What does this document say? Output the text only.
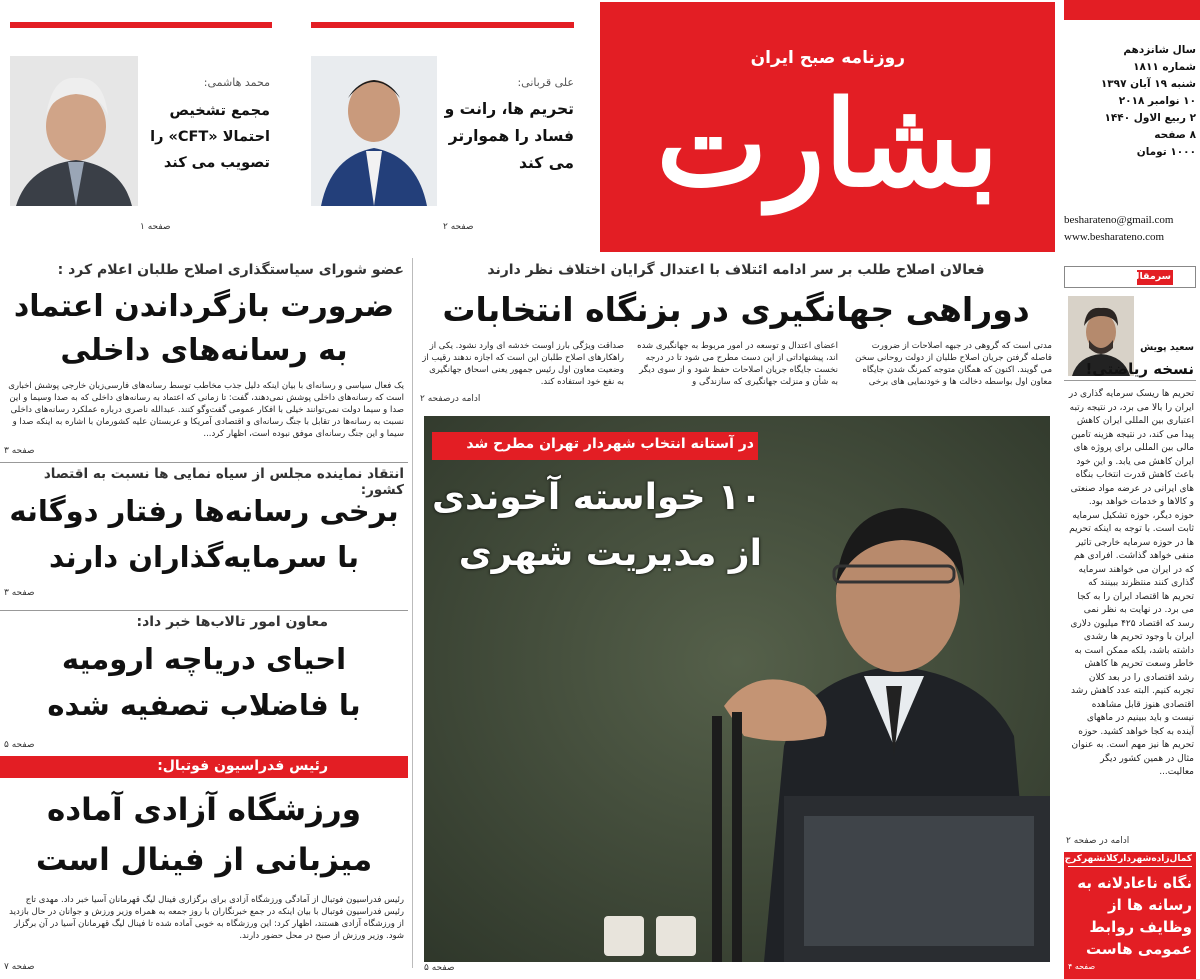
سال شانزدهم
شماره ۱۸۱۱
شنبه ۱۹ آبان ۱۳۹۷
۱۰ نوامبر ۲۰۱۸
۲ ربیع الاول ۱۴۴۰
۸ صفحه
۱۰۰۰ تومان
besharateno@gmail.com
www.besharateno.com
روزنامه صبح ایران
بشارت نو
علی قربانی:
تحریم ها، رانت و فساد را هموارتر می کند
صفحه ۲
محمد هاشمی:
مجمع تشخیص احتمالا «CFT» را تصویب می کند
صفحه ۱
سرمقاله
سعید پویش
نسخه ریاضتی!
تحریم ها ریسک سرمایه گذاری در ایران را بالا می برد، در نتیجه رتبه اعتباری بین المللی ایران کاهش پیدا می کند، در نتیجه هزینه تامین مالی بین المللی برای پروژه های ایران کاهش می یابد. و این خود باعث کاهش قدرت انتخاب بنگاه های ایرانی در عرضه مواد صنعتی و کالاها و خدمات خواهد بود. حوزه دیگر، حوزه تشکیل سرمایه ثابت است. با توجه به اینکه تحریم ها در حوزه سرمایه خارجی تاثیر منفی خواهد گذاشت. افرادی هم که در ایران می خواهند سرمایه گذاری کنند منتظرند ببینند که تحریم ها اقتصاد ایران را به کجا می برد. در نهایت به نظر نمی رسد که اقتصاد ۴۲۵ میلیون دلاری ایران با وجود تحریم ها رشدی داشته باشد، بلکه ممکن است به خاطر وسعت تحریم ها کاهش رشد اقتصادی را در بعد کلان تجربه کنیم. البته عدد کاهش رشد اقتصادی هنوز قابل مشاهده نیست و باید ببینیم در ماههای آینده به کجا خواهد کشید. حوزه تحریم ها نیز مهم است. به عنوان مثال در همین کشور دیگر معالیت...
ادامه در صفحه ۲
کمال‌زاده‌شهردار‌کلانشهر‌کرج:
نگاه ناعادلانه به رسانه ها از وظایف روابط عمومی هاست
صفحه ۴
فعالان اصلاح طلب بر سر ادامه ائتلاف با اعتدال گرایان اختلاف نظر دارند
دوراهی جهانگیری در بزنگاه انتخابات
مدتی است که گروهی در جبهه اصلاحات از ضرورت فاصله گرفتن جریان اصلاح طلبان از دولت روحانی سخن می گویند. اکنون که همگان متوجه کمرنگ شدن جایگاه معاون اول بواسطه دخالت ها و خودنمایی های برخی
اعضای اعتدال و توسعه در امور مربوط به جهانگیری شده اند، پیشنهاداتی از این دست مطرح می شود تا در درجه نخست جایگاه جریان اصلاحات حفظ شود و از سوی دیگر به شأن و منزلت جهانگیری که سازندگی و
صداقت ویژگی بارز اوست خدشه ای وارد نشود. یکی از راهکارهای اصلاح طلبان این است که اجازه ندهند رقیب از وضعیت معاون اول رئیس جمهور یعنی اسحاق جهانگیری به نفع خود استفاده کند.
ادامه درصفحه ۲
در آستانه انتخاب شهردار تهران مطرح شد
۱۰ خواسته آخوندی
از مدیریت شهری
صفحه ۵
عضو شورای سیاستگذاری اصلاح طلبان اعلام کرد :
ضرورت بازگرداندن اعتماد
به رسانه‌های داخلی
یک فعال سیاسی و رسانه‌ای با بیان اینکه دلیل جذب مخاطب توسط رسانه‌های فارسی‌زبان خارجی پوشش اخباری است که رسانه‌های داخلی پوشش نمی‌دهند، گفت: تا زمانی که اعتماد به رسانه‌های داخلی که به صدا وسیما و این صدا و سیما دولت نمی‌توانند خیلی با افکار عمومی گفت‌وگو کنند. عبدالله ناصری درباره عملکرد رسانه‌های داخلی نسبت به رسانه‌ها در تقابل با جنگ رسانه‌ای و اقتصادی آمریکا و عربستان علیه کشورمان با اشاره به اینکه صدا و سیما و این جنگ رسانه‌ای موفق نبوده است، اظهار کرد...
صفحه ۳
انتقاد نماینده مجلس از سیاه نمایی ها نسبت به اقتصاد کشور:
برخی رسانه‌ها رفتار دوگانه
با سرمایه‌گذاران دارند
صفحه ۳
معاون امور تالاب‌ها خبر داد:
احیای دریاچه ارومیه
با فاضلاب تصفیه شده
صفحه ۵
رئیس فدراسیون فوتبال:
ورزشگاه آزادی آماده
میزبانی از فینال است
رئیس فدراسیون فوتبال از آمادگی ورزشگاه آزادی برای برگزاری فینال لیگ قهرمانان آسیا خبر داد. مهدی تاج رئیس فدراسیون فوتبال با بیان اینکه در جمع خبرنگاران با روز جمعه به همراه وزیر ورزش و جوانان در حال بازدید از ورزشگاه آزادی هستند، اظهار کرد: این ورزشگاه به خوبی آماده شده تا فینال لیگ قهرمانان آسیا در آن برگزار شود. وزیر ورزش از صبح در محل حضور دارند.
صفحه ۷
